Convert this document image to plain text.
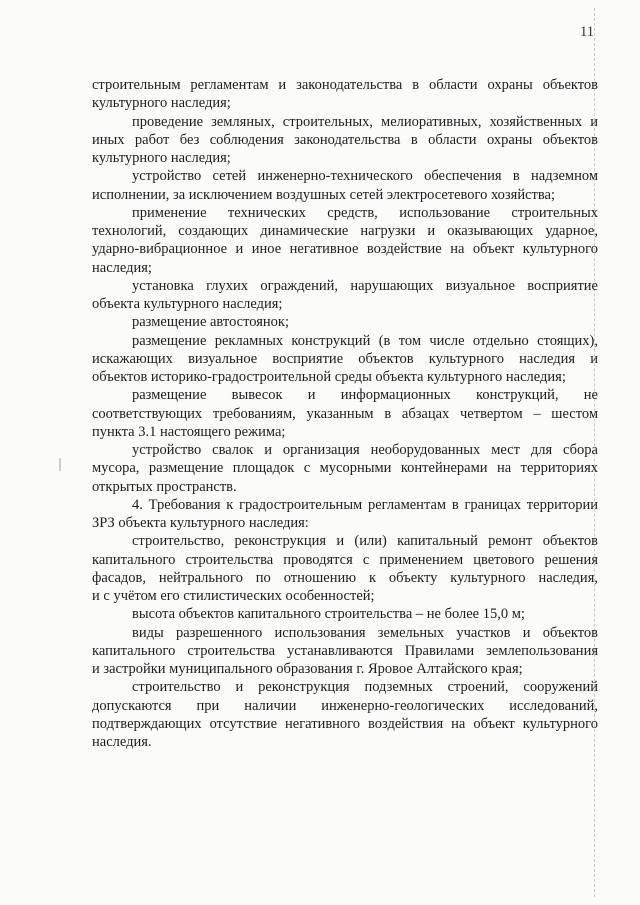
11
строительным регламентам и законодательства в области охраны объектов
культурного наследия;
проведение земляных, строительных, мелиоративных, хозяйственных и
иных работ без соблюдения законодательства в области охраны объектов
культурного наследия;
устройство сетей инженерно-технического обеспечения в надземном
исполнении, за исключением воздушных сетей электросетевого хозяйства;
применение технических средств, использование строительных
технологий, создающих динамические нагрузки и оказывающих ударное,
ударно-вибрационное и иное негативное воздействие на объект культурного
наследия;
установка глухих ограждений, нарушающих визуальное восприятие
объекта культурного наследия;
размещение автостоянок;
размещение рекламных конструкций (в том числе отдельно стоящих),
искажающих визуальное восприятие объектов культурного наследия и
объектов историко-градостроительной среды объекта культурного наследия;
размещение вывесок и информационных конструкций, не
соответствующих требованиям, указанным в абзацах четвертом – шестом
пункта 3.1 настоящего режима;
устройство свалок и организация необорудованных мест для сбора
мусора, размещение площадок с мусорными контейнерами на территориях
открытых пространств.
4. Требования к градостроительным регламентам в границах территории
ЗРЗ объекта культурного наследия:
строительство, реконструкция и (или) капитальный ремонт объектов
капитального строительства проводятся с применением цветового решения
фасадов, нейтрального по отношению к объекту культурного наследия,
и с учётом его стилистических особенностей;
высота объектов капитального строительства – не более 15,0 м;
виды разрешенного использования земельных участков и объектов
капитального строительства устанавливаются Правилами землепользования
и застройки муниципального образования г. Яровое Алтайского края;
строительство и реконструкция подземных строений, сооружений
допускаются при наличии инженерно-геологических исследований,
подтверждающих отсутствие негативного воздействия на объект культурного
наследия.
